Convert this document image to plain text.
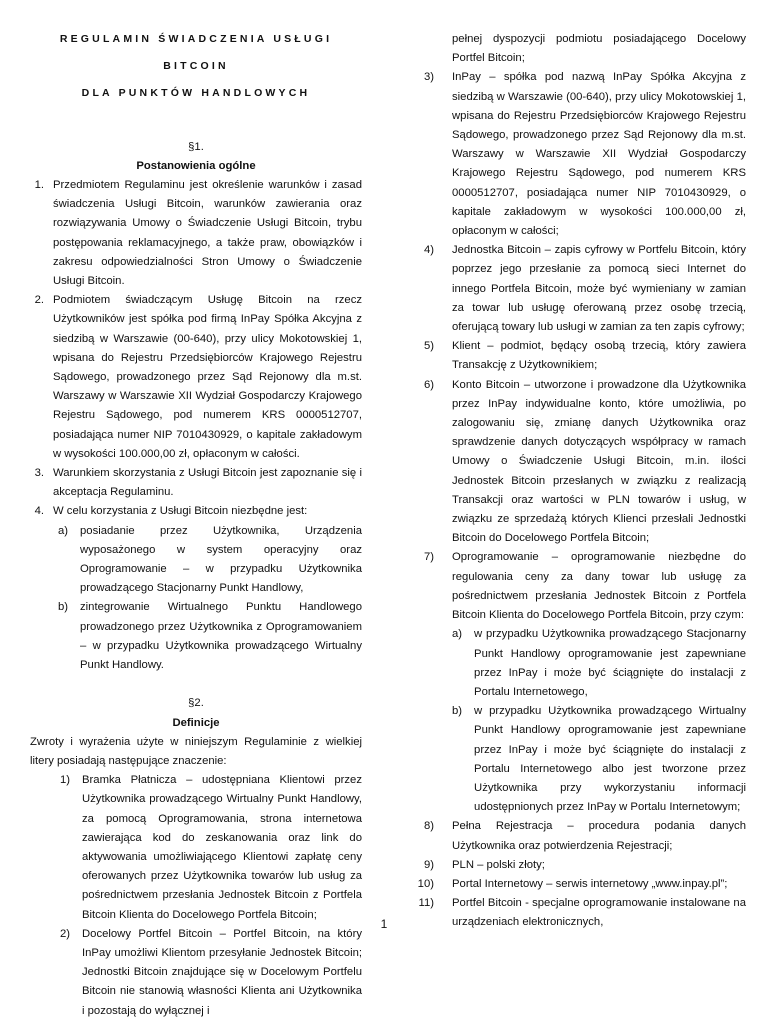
REGULAMIN ŚWIADCZENIA USŁUGI

BITCOIN

DLA PUNKTÓW HANDLOWYCH

§1.

Postanowienia ogólne

1. Przedmiotem Regulaminu jest określenie warunków i zasad świadczenia Usługi Bitcoin, warunków zawierania oraz rozwiązywania Umowy o Świadczenie Usługi Bitcoin, trybu postępowania reklamacyjnego, a także praw, obowiązków i zakresu odpowiedzialności Stron Umowy o Świadczenie Usługi Bitcoin.
2. Podmiotem świadczącym Usługę Bitcoin na rzecz Użytkowników jest spółka pod firmą InPay Spółka Akcyjna z siedzibą w Warszawie (00-640), przy ulicy Mokotowskiej 1, wpisana do Rejestru Przedsiębiorców Krajowego Rejestru Sądowego, prowadzonego przez Sąd Rejonowy dla m.st. Warszawy w Warszawie XII Wydział Gospodarczy Krajowego Rejestru Sądowego, pod numerem KRS 0000512707, posiadająca numer NIP 7010430929, o kapitale zakładowym w wysokości 100.000,00 zł, opłaconym w całości.
3. Warunkiem skorzystania z Usługi Bitcoin jest zapoznanie się i akceptacja Regulaminu.
4. W celu korzystania z Usługi Bitcoin niezbędne jest:
a) posiadanie przez Użytkownika, Urządzenia wyposażonego w system operacyjny oraz Oprogramowanie – w przypadku Użytkownika prowadzącego Stacjonarny Punkt Handlowy,
b) zintegrowanie Wirtualnego Punktu Handlowego prowadzonego przez Użytkownika z Oprogramowaniem – w przypadku Użytkownika prowadzącego Wirtualny Punkt Handlowy.

§2.

Definicje

Zwroty i wyrażenia użyte w niniejszym Regulaminie z wielkiej litery posiadają następujące znaczenie:

1) Bramka Płatnicza – udostępniana Klientowi przez Użytkownika prowadzącego Wirtualny Punkt Handlowy, za pomocą Oprogramowania, strona internetowa zawierająca kod do zeskanowania oraz link do aktywowania umożliwiającego Klientowi zapłatę ceny oferowanych przez Użytkownika towarów lub usług za pośrednictwem przesłania Jednostek Bitcoin z Portfela Bitcoin Klienta do Docelowego Portfela Bitcoin;
2) Docelowy Portfel Bitcoin – Portfel Bitcoin, na który InPay umożliwi Klientom przesyłanie Jednostek Bitcoin; Jednostki Bitcoin znajdujące się w Docelowym Portfelu Bitcoin nie stanowią własności Klienta ani Użytkownika i pozostają do wyłącznej i

pełnej dyspozycji podmiotu posiadającego Docelowy Portfel Bitcoin;

3) InPay – spółka pod nazwą InPay Spółka Akcyjna z siedzibą w Warszawie (00-640), przy ulicy Mokotowskiej 1, wpisana do Rejestru Przedsiębiorców Krajowego Rejestru Sądowego, prowadzonego przez Sąd Rejonowy dla m.st. Warszawy w Warszawie XII Wydział Gospodarczy Krajowego Rejestru Sądowego, pod numerem KRS 0000512707, posiadająca numer NIP 7010430929, o kapitale zakładowym w wysokości 100.000,00 zł, opłaconym w całości;
4) Jednostka Bitcoin – zapis cyfrowy w Portfelu Bitcoin, który poprzez jego przesłanie za pomocą sieci Internet do innego Portfela Bitcoin, może być wymieniany w zamian za towar lub usługę oferowaną przez osobę trzecią, oferującą towary lub usługi w zamian za ten zapis cyfrowy;
5) Klient – podmiot, będący osobą trzecią, który zawiera Transakcję z Użytkownikiem;
6) Konto Bitcoin – utworzone i prowadzone dla Użytkownika przez InPay indywidualne konto, które umożliwia, po zalogowaniu się, zmianę danych Użytkownika oraz sprawdzenie danych dotyczących współpracy w ramach Umowy o Świadczenie Usługi Bitcoin, m.in. ilości Jednostek Bitcoin przesłanych w związku z realizacją Transakcji oraz wartości w PLN towarów i usług, w związku ze sprzedażą których Klienci przesłali Jednostki Bitcoin do Docelowego Portfela Bitcoin;
7) Oprogramowanie – oprogramowanie niezbędne do regulowania ceny za dany towar lub usługę za pośrednictwem przesłania Jednostek Bitcoin z Portfela Bitcoin Klienta do Docelowego Portfela Bitcoin, przy czym:
a) w przypadku Użytkownika prowadzącego Stacjonarny Punkt Handlowy oprogramowanie jest zapewniane przez InPay i może być ściągnięte do instalacji z Portalu Internetowego,
b) w przypadku Użytkownika prowadzącego Wirtualny Punkt Handlowy oprogramowanie jest zapewniane przez InPay i może być ściągnięte do instalacji z Portalu Internetowego albo jest tworzone przez Użytkownika przy wykorzystaniu informacji udostępnionych przez InPay w Portalu Internetowym;
8) Pełna Rejestracja – procedura podania danych Użytkownika oraz potwierdzenia Rejestracji;
9) PLN – polski złoty;
10) Portal Internetowy – serwis internetowy „www.inpay.pl”;
11) Portfel Bitcoin - specjalne oprogramowanie instalowane na urządzeniach elektronicznych,
1
